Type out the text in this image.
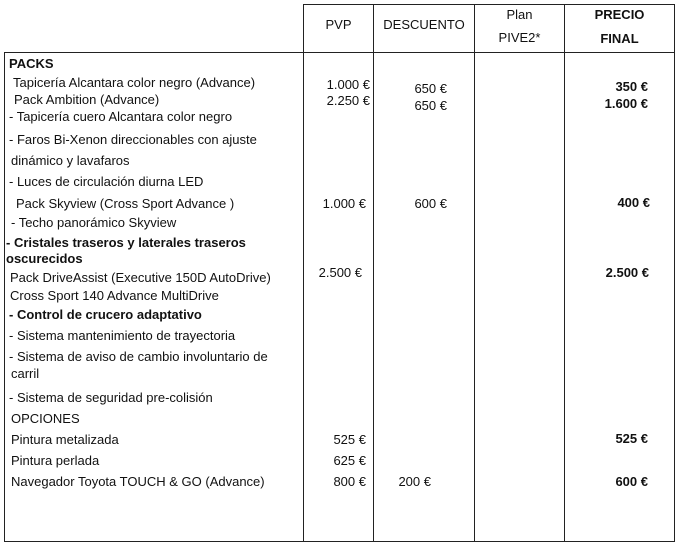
PVP	DESCUENTO
Plan
PIVE2*
PRECIO
FINAL
PACKS
Tapicería Alcantara color negro (Advance)
Pack Ambition (Advance)
- Tapicería cuero Alcantara color negro
- Faros Bi-Xenon direccionables con ajuste
dinámico y lavafaros
- Luces de circulación diurna LED
Pack Skyview (Cross Sport Advance )
- Techo panorámico Skyview
- Cristales traseros y laterales traseros
oscurecidos
Pack DriveAssist (Executive 150D AutoDrive)
Cross Sport 140 Advance MultiDrive
- Control de crucero adaptativo
- Sistema mantenimiento de trayectoria
- Sistema de aviso de cambio involuntario de
carril
- Sistema de seguridad pre-colisión
OPCIONES
Pintura metalizada
Pintura perlada
Navegador Toyota TOUCH & GO (Advance)
1.000 €
2.250 €
1.000 €
2.500 €
525 €
625 €
800 €
650 €
650 €
600 €
200 €
350 €
1.600 €
400 €
2.500 €
525 €
600 €
